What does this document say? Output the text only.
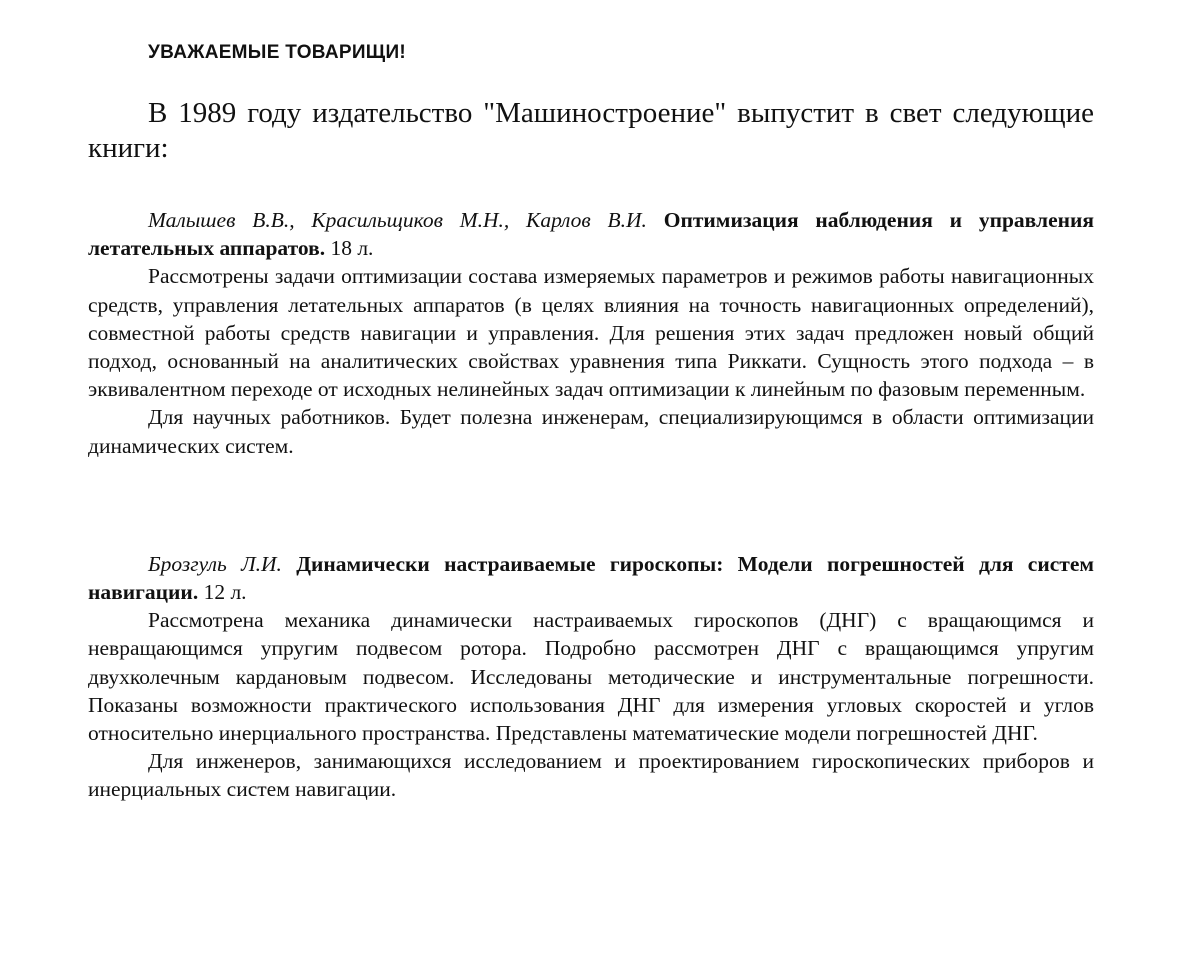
УВАЖАЕМЫЕ ТОВАРИЩИ!

В 1989 году издательство "Машиностроение" выпустит в свет следующие книги:

Малышев В.В., Красильщиков М.Н., Карлов В.И. Оптимизация наблюдения и управления летательных аппаратов. 18 л.

Рассмотрены задачи оптимизации состава измеряемых параметров и режимов работы навигационных средств, управления летательных аппаратов (в целях влияния на точность навигационных определений), совместной работы средств навигации и управления. Для решения этих задач предложен новый общий подход, основанный на аналитических свойствах уравнения типа Риккати. Сущность этого подхода – в эквивалентном переходе от исходных нелинейных задач оптимизации к линейным по фазовым переменным.

Для научных работников. Будет полезна инженерам, специализирующимся в области оптимизации динамических систем.

Брозгуль Л.И. Динамически настраиваемые гироскопы: Модели погрешностей для систем навигации. 12 л.

Рассмотрена механика динамически настраиваемых гироскопов (ДНГ) с вращающимся и невращающимся упругим подвесом ротора. Подробно рассмотрен ДНГ с вращающимся упругим двухколечным кардановым подвесом. Исследованы методические и инструментальные погрешности. Показаны возможности практического использования ДНГ для измерения угловых скоростей и углов относительно инерциального пространства. Представлены математические модели погрешностей ДНГ.

Для инженеров, занимающихся исследованием и проектированием гироскопических приборов и инерциальных систем навигации.
